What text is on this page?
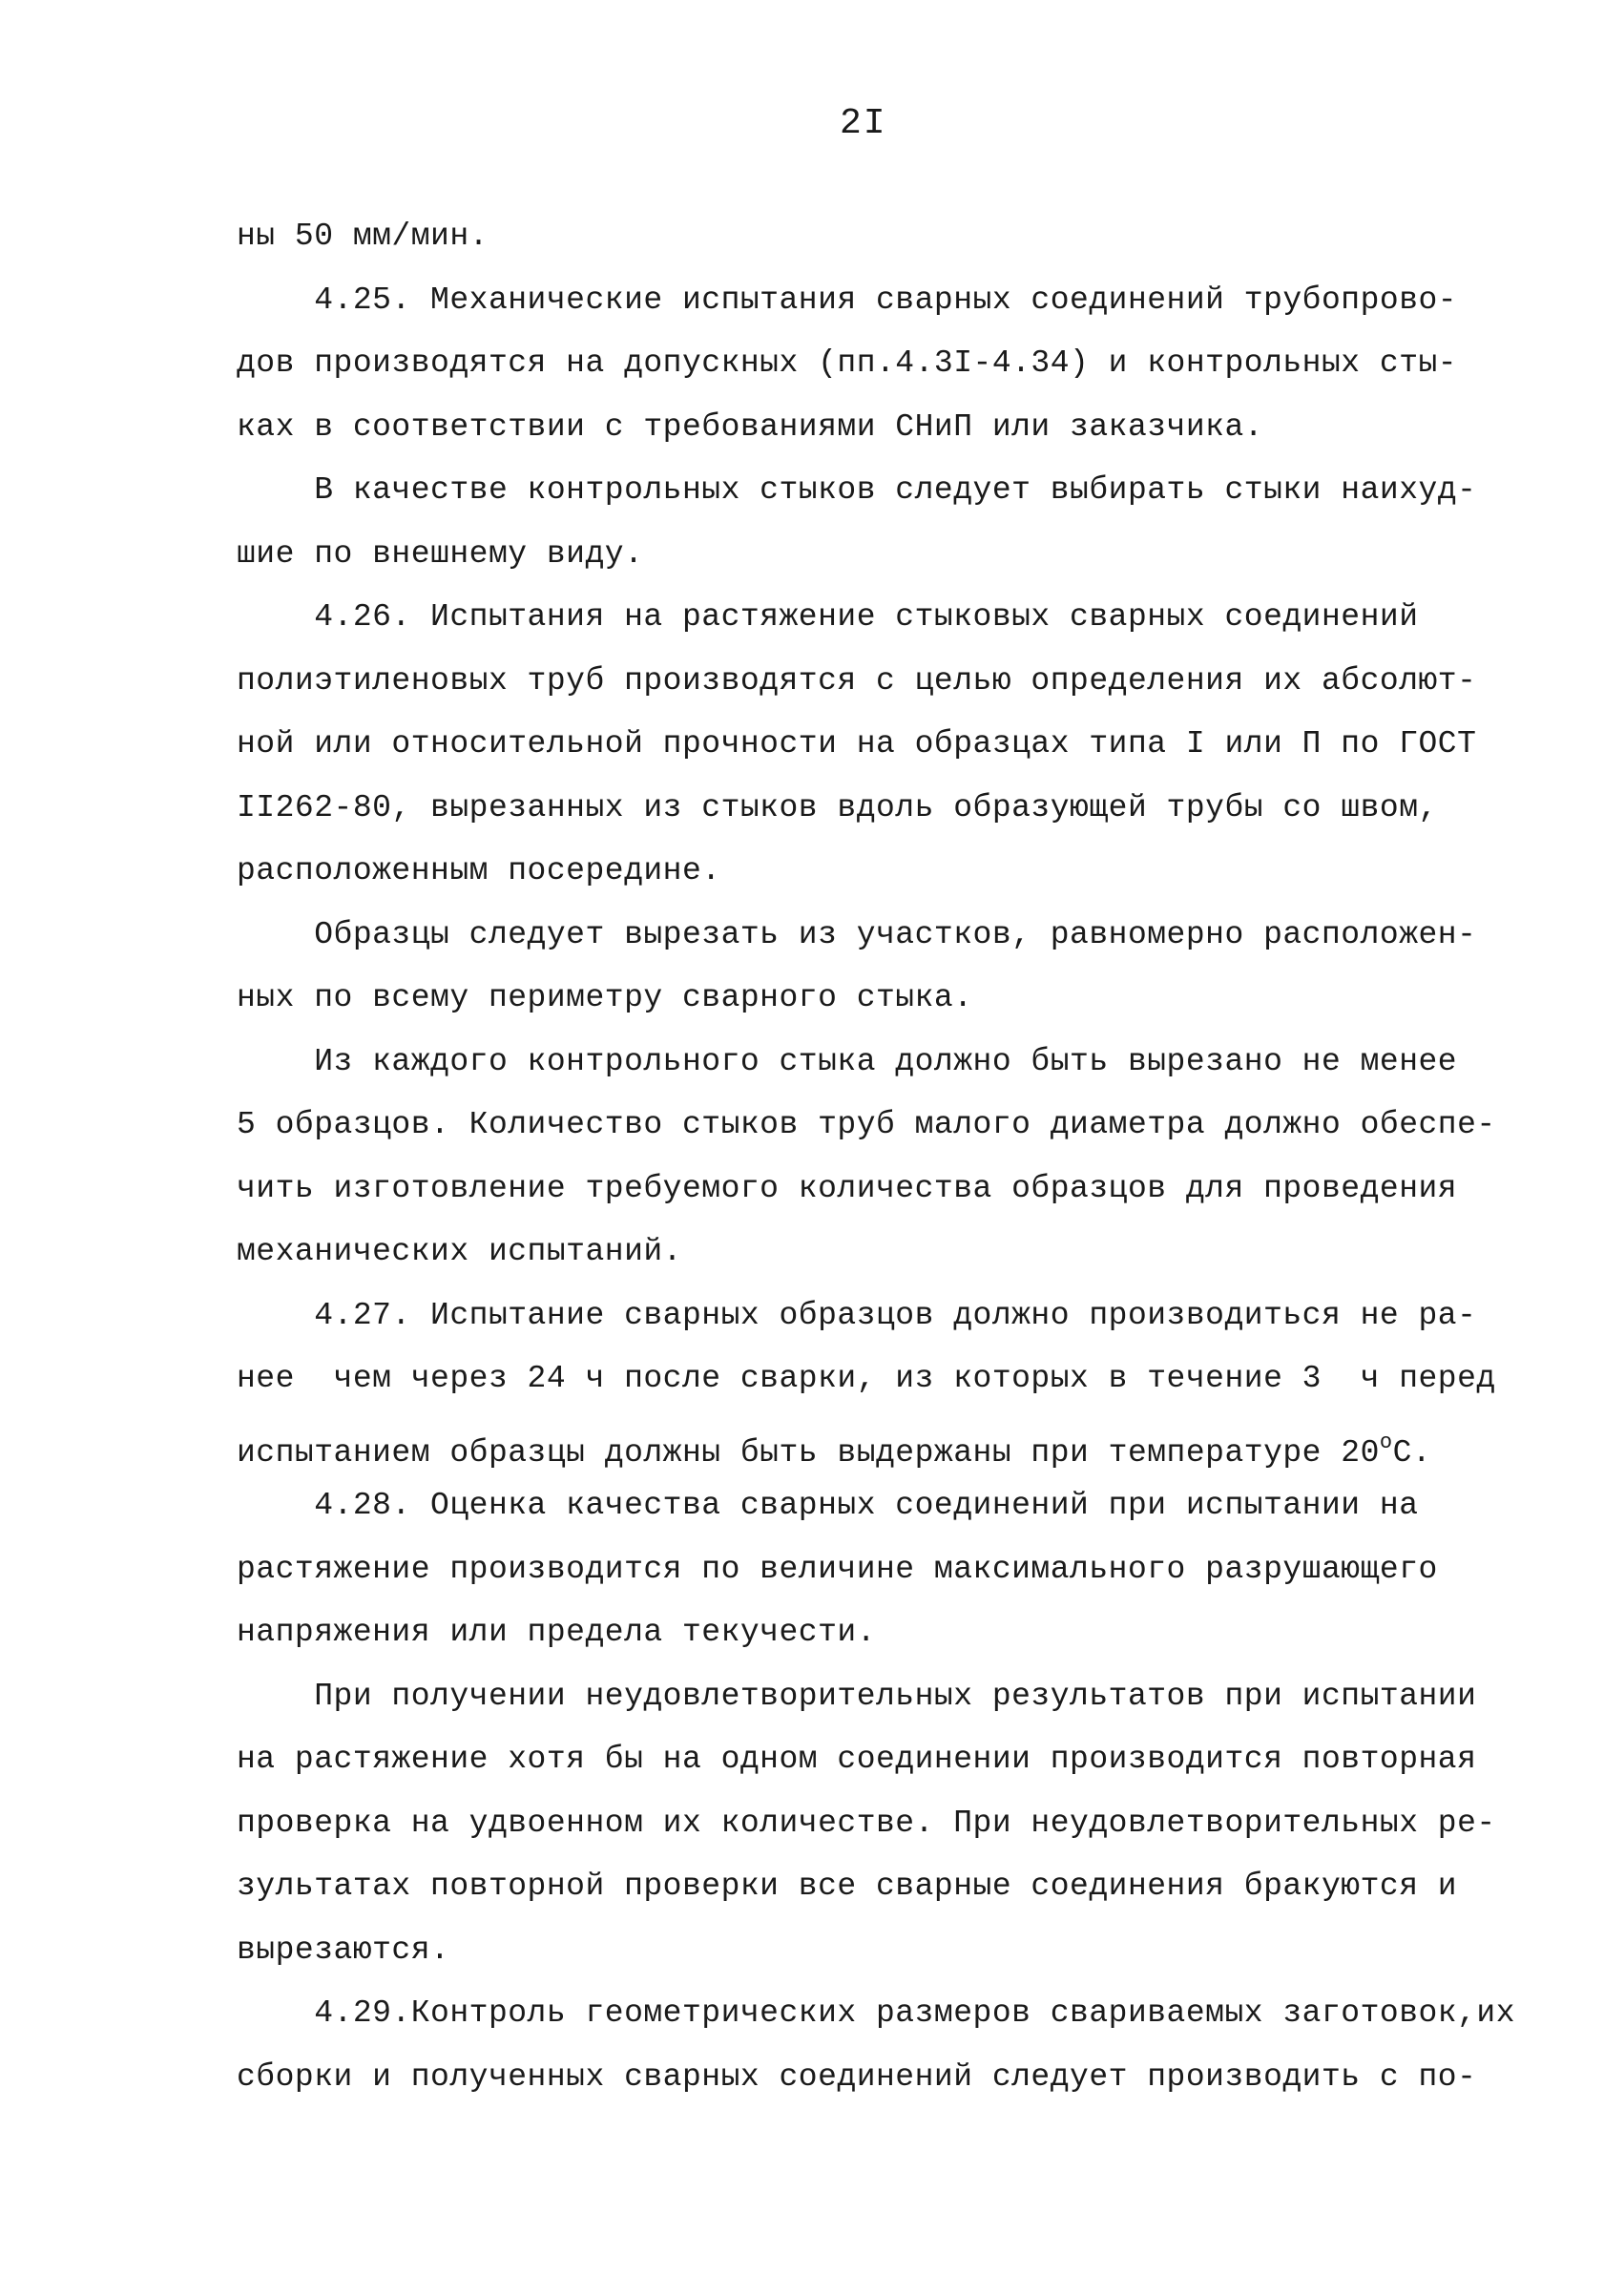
2I
ны 50 мм/мин.
4.25. Механические испытания сварных соединений трубопрово-
дов производятся на допускных (пп.4.3I-4.34) и контрольных сты-
ках в соответствии с требованиями СНиП или заказчика.
В качестве контрольных стыков следует выбирать стыки наихуд-
шие по внешнему виду.
4.26. Испытания на растяжение стыковых сварных соединений
полиэтиленовых труб производятся с целью определения их абсолют-
ной или относительной прочности на образцах типа I или П по ГОСТ
II262-80, вырезанных из стыков вдоль образующей трубы со швом,
расположенным посередине.
Образцы следует вырезать из участков, равномерно расположен-
ных по всему периметру сварного стыка.
Из каждого контрольного стыка должно быть вырезано не менее
5 образцов. Количество стыков труб малого диаметра должно обеспе-
чить изготовление требуемого количества образцов для проведения
механических испытаний.
4.27. Испытание сварных образцов должно производиться не ра-
нее  чем через 24 ч после сварки, из которых в течение 3  ч перед
испытанием образцы должны быть выдержаны при температуре 20$^o$С.
4.28. Оценка качества сварных соединений при испытании на
растяжение производится по величине максимального разрушающего
напряжения или предела текучести.
При получении неудовлетворительных результатов при испытании
на растяжение хотя бы на одном соединении производится повторная
проверка на удвоенном их количестве. При неудовлетворительных ре-
зультатах повторной проверки все сварные соединения бракуются и
вырезаются.
4.29.Контроль геометрических размеров свариваемых заготовок,их
сборки и полученных сварных соединений следует производить с по-
